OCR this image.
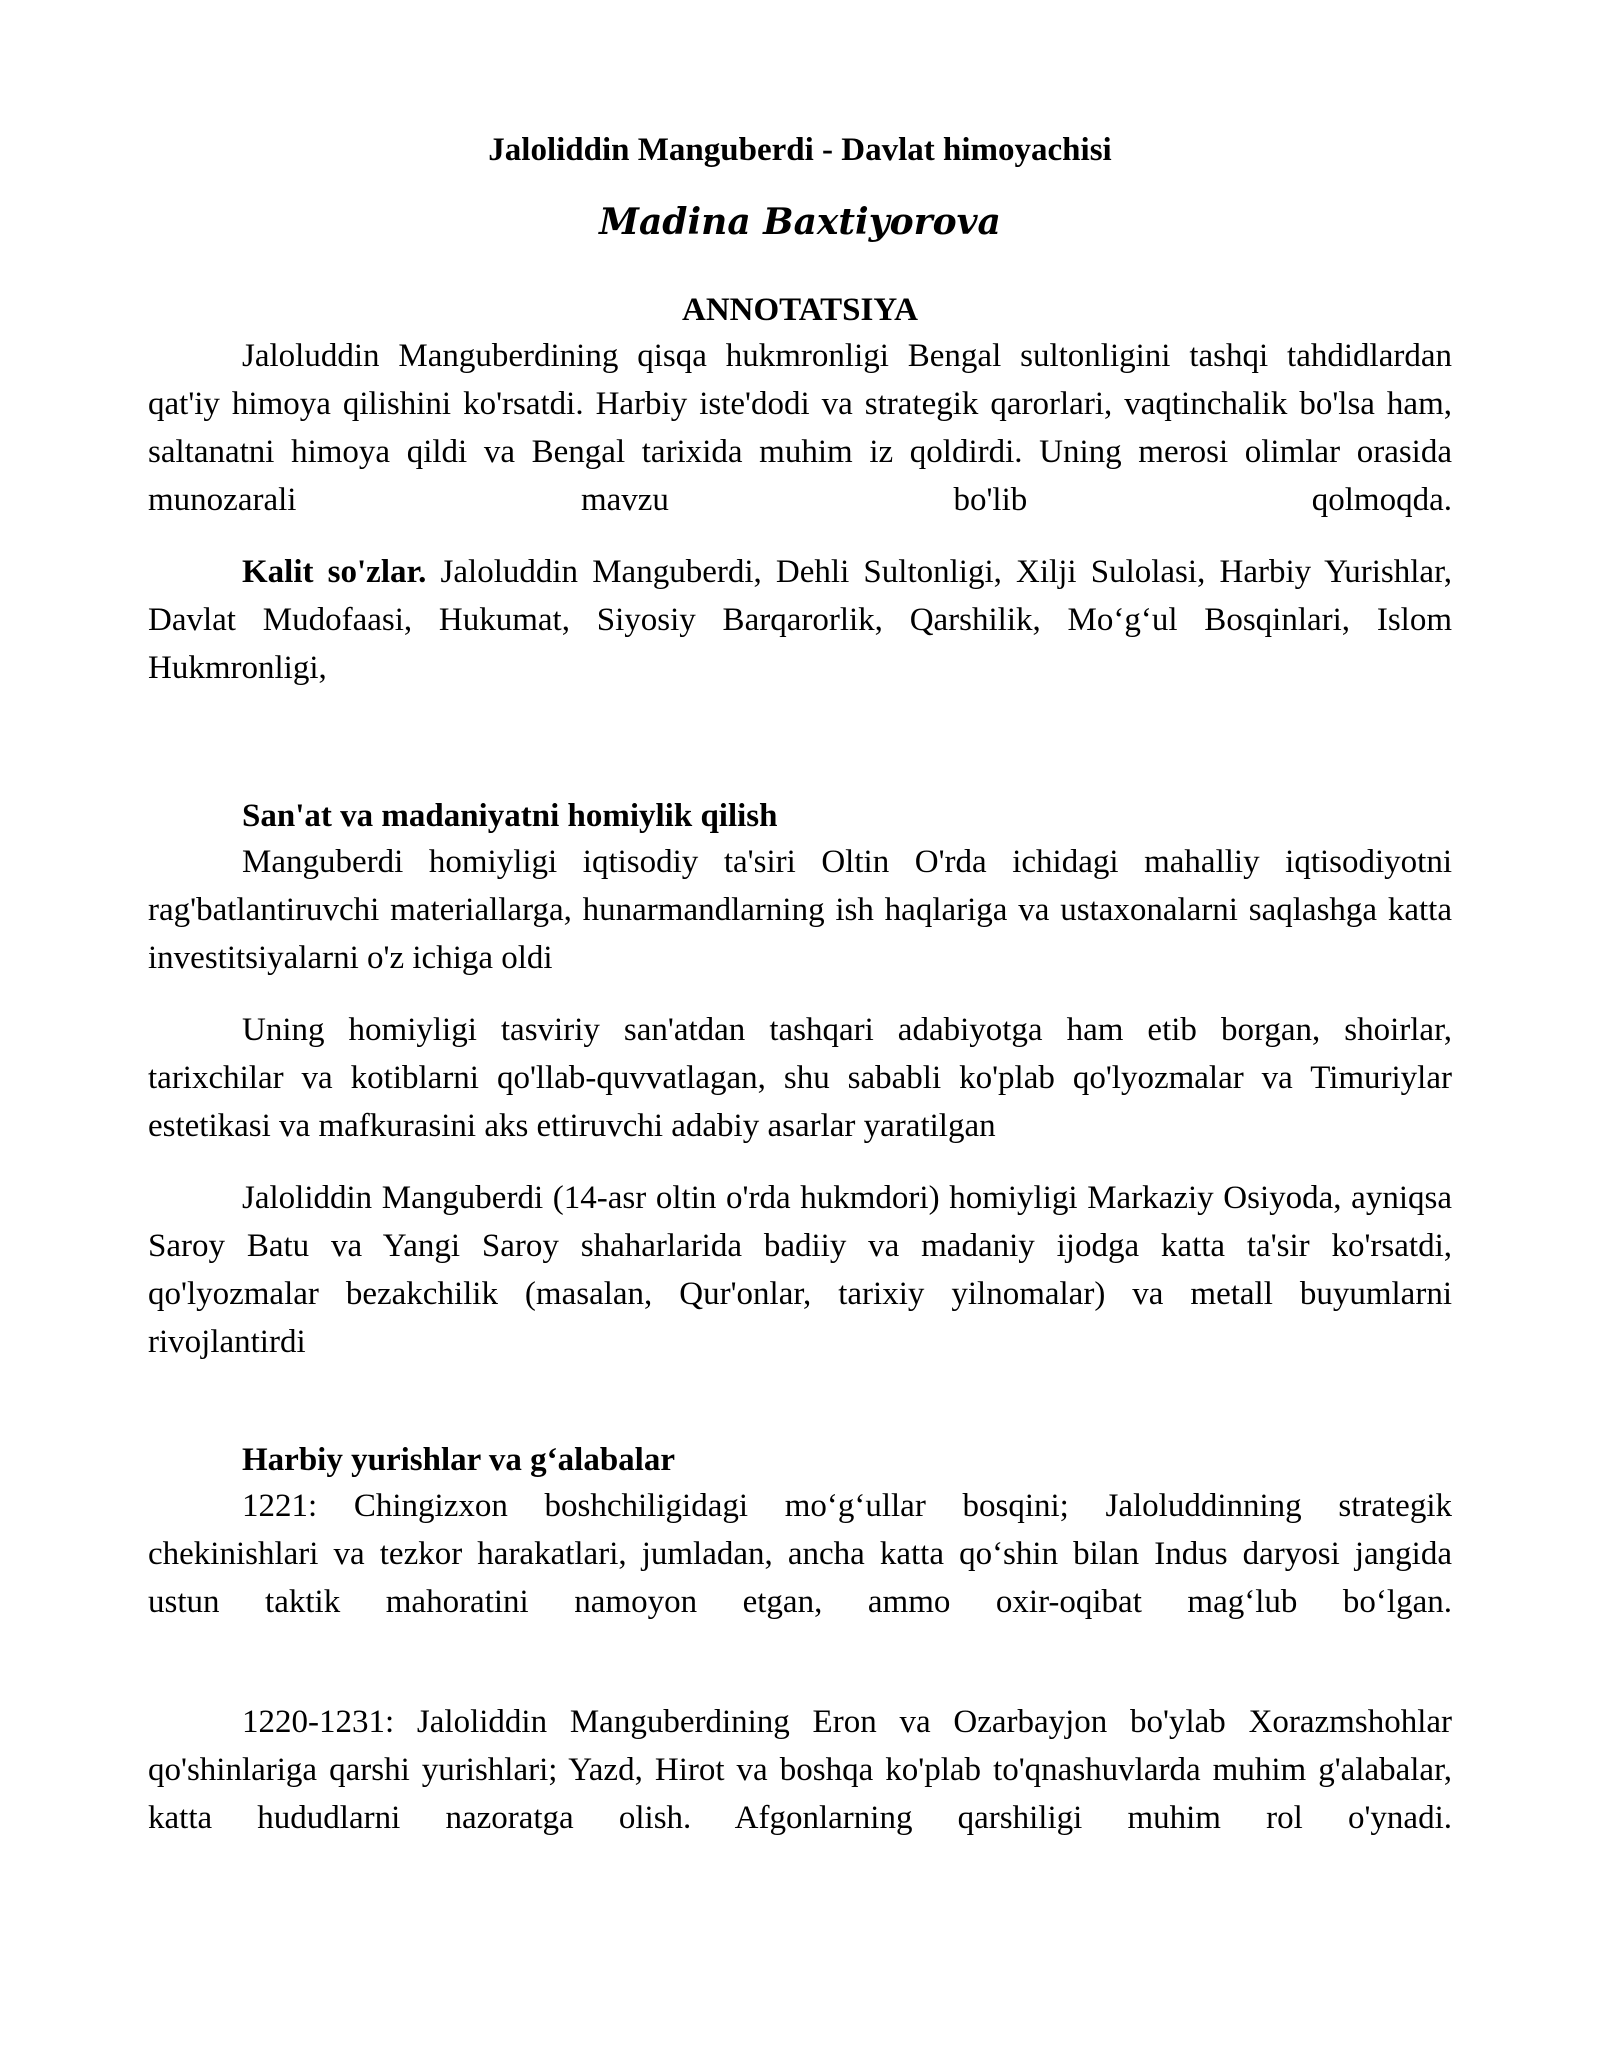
Jaloliddin Manguberdi - Davlat himoyachisi
Madina Baxtiyorova
ANNOTATSIYA

Jaloluddin Manguberdining qisqa hukmronligi Bengal sultonligini tashqi tahdidlardan qat'iy himoya qilishini ko'rsatdi. Harbiy iste'dodi va strategik qarorlari, vaqtinchalik bo'lsa ham, saltanatni himoya qildi va Bengal tarixida muhim iz qoldirdi. Uning merosi olimlar orasida munozarali mavzu bo'lib qolmoqda.

Kalit so'zlar. Jaloluddin Manguberdi, Dehli Sultonligi, Xilji Sulolasi, Harbiy Yurishlar, Davlat Mudofaasi, Hukumat, Siyosiy Barqarorlik, Qarshilik, Mo‘g‘ul Bosqinlari, Islom Hukmronligi,

San'at va madaniyatni homiylik qilish

Manguberdi homiyligi iqtisodiy ta'siri Oltin O'rda ichidagi mahalliy iqtisodiyotni rag'batlantiruvchi materiallarga, hunarmandlarning ish haqlariga va ustaxonalarni saqlashga katta investitsiyalarni o'z ichiga oldi

Uning homiyligi tasviriy san'atdan tashqari adabiyotga ham etib borgan, shoirlar, tarixchilar va kotiblarni qo'llab-quvvatlagan, shu sababli ko'plab qo'lyozmalar va Timuriylar estetikasi va mafkurasini aks ettiruvchi adabiy asarlar yaratilgan

Jaloliddin Manguberdi (14-asr oltin o'rda hukmdori) homiyligi Markaziy Osiyoda, ayniqsa Saroy Batu va Yangi Saroy shaharlarida badiiy va madaniy ijodga katta ta'sir ko'rsatdi, qo'lyozmalar bezakchilik (masalan, Qur'onlar, tarixiy yilnomalar) va metall buyumlarni rivojlantirdi

Harbiy yurishlar va g‘alabalar

1221: Chingizxon boshchiligidagi mo‘g‘ullar bosqini; Jaloluddinning strategik chekinishlari va tezkor harakatlari, jumladan, ancha katta qo‘shin bilan Indus daryosi jangida ustun taktik mahoratini namoyon etgan, ammo oxir-oqibat mag‘lub bo‘lgan.

1220-1231: Jaloliddin Manguberdining Eron va Ozarbayjon bo'ylab Xorazmshohlar qo'shinlariga qarshi yurishlari; Yazd, Hirot va boshqa ko'plab to'qnashuvlarda muhim g'alabalar, katta hududlarni nazoratga olish. Afgonlarning qarshiligi muhim rol o'ynadi.
